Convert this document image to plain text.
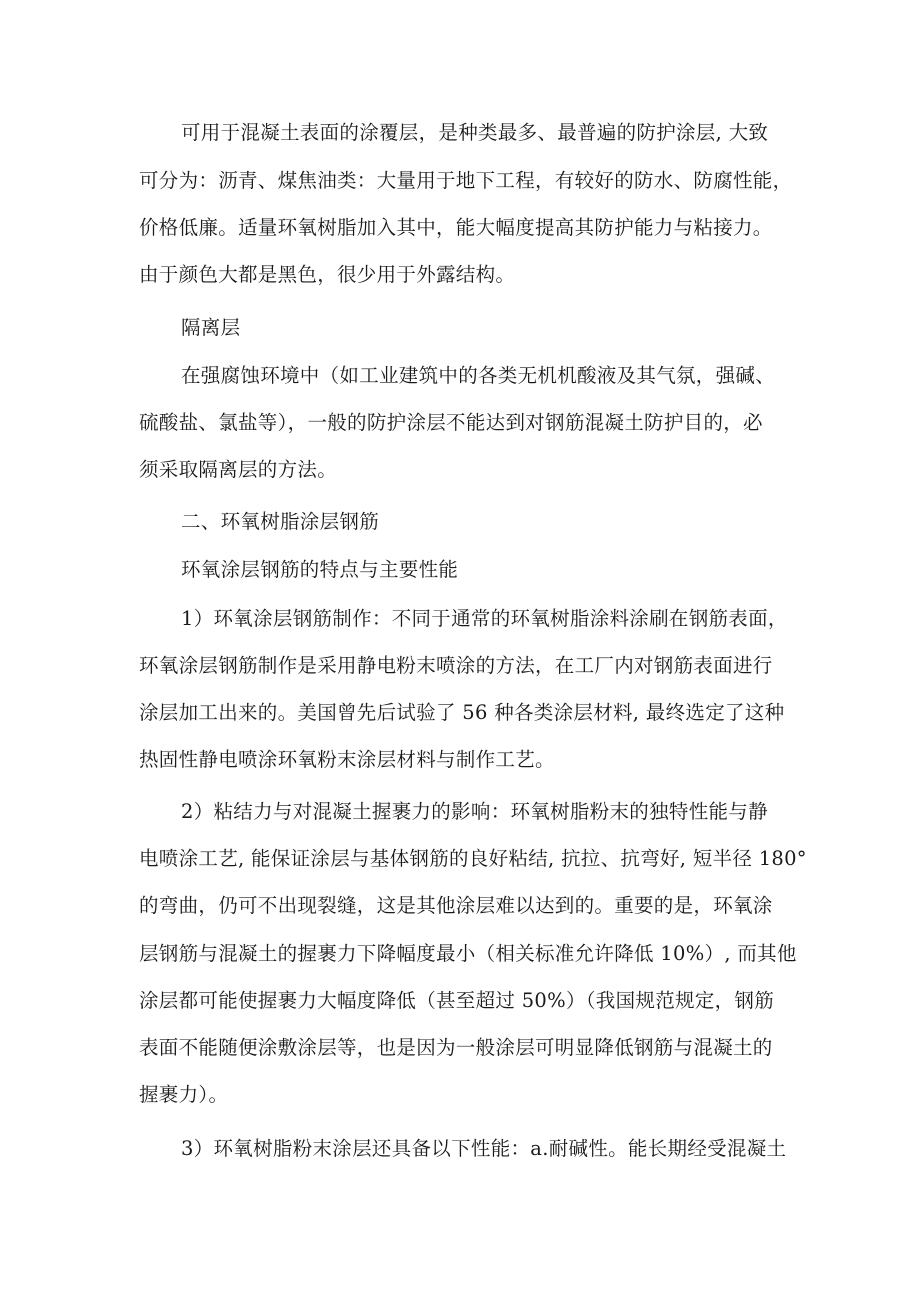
可用于混凝土表面的涂覆层，是种类最多、最普遍的防护涂层, 大致
可分为：沥青、煤焦油类：大量用于地下工程，有较好的防水、防腐性能，
价格低廉。适量环氧树脂加入其中，能大幅度提高其防护能力与粘接力。
由于颜色大都是黑色，很少用于外露结构。
隔离层
在强腐蚀环境中（如工业建筑中的各类无机机酸液及其气氛，强碱、
硫酸盐、氯盐等），一般的防护涂层不能达到对钢筋混凝土防护目的，必
须采取隔离层的方法。
二、环氧树脂涂层钢筋
环氧涂层钢筋的特点与主要性能
1）环氧涂层钢筋制作：不同于通常的环氧树脂涂料涂刷在钢筋表面，
环氧涂层钢筋制作是采用静电粉末喷涂的方法，在工厂内对钢筋表面进行
涂层加工出来的。美国曾先后试验了 56 种各类涂层材料, 最终选定了这种
热固性静电喷涂环氧粉末涂层材料与制作工艺。
2）粘结力与对混凝土握裹力的影响：环氧树脂粉末的独特性能与静
电喷涂工艺, 能保证涂层与基体钢筋的良好粘结, 抗拉、抗弯好, 短半径 180°
的弯曲，仍可不出现裂缝，这是其他涂层难以达到的。重要的是，环氧涂
层钢筋与混凝土的握裹力下降幅度最小（相关标准允许降低 10%）, 而其他
涂层都可能使握裹力大幅度降低（甚至超过 50%）（我国规范规定，钢筋
表面不能随便涂敷涂层等，也是因为一般涂层可明显降低钢筋与混凝土的
握裹力）。
3）环氧树脂粉末涂层还具备以下性能：a.耐碱性。能长期经受混凝土
